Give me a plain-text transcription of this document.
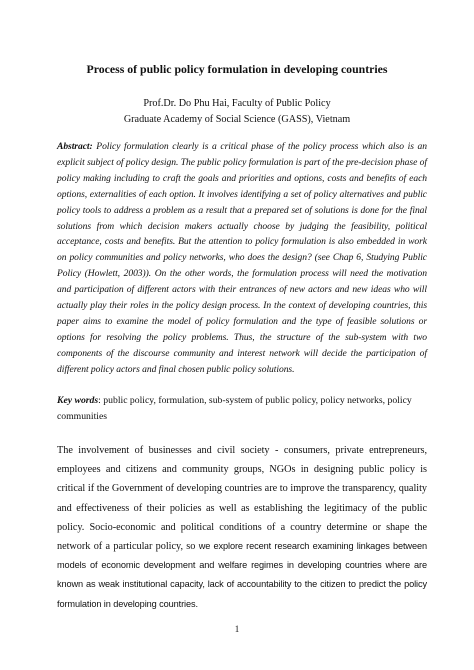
Process of public policy formulation in developing countries
Prof.Dr. Do Phu Hai, Faculty of Public Policy
Graduate Academy of Social Science (GASS), Vietnam

Abstract: Policy formulation clearly is a critical phase of the policy process which also is an explicit subject of policy design. The public policy formulation is part of the pre-decision phase of policy making including to craft the goals and priorities and options, costs and benefits of each options, externalities of each option. It involves identifying a set of policy alternatives and public policy tools to address a problem as a result that a prepared set of solutions is done for the final solutions from which decision makers actually choose by judging the feasibility, political acceptance, costs and benefits. But the attention to policy formulation is also embedded in work on policy communities and policy networks, who does the design? (see Chap 6, Studying Public Policy (Howlett, 2003)). On the other words, the formulation process will need the motivation and participation of different actors with their entrances of new actors and new ideas who will actually play their roles in the policy design process. In the context of developing countries, this paper aims to examine the model of policy formulation and the type of feasible solutions or options for resolving the policy problems. Thus, the structure of the sub-system with two components of the discourse community and interest network will decide the participation of different policy actors and final chosen public policy solutions.

Key words: public policy, formulation, sub-system of public policy, policy networks, policy communities

The involvement of businesses and civil society - consumers, private entrepreneurs, employees and citizens and community groups, NGOs in designing public policy is critical if the Government of developing countries are to improve the transparency, quality and effectiveness of their policies as well as establishing the legitimacy of the public policy. Socio-economic and political conditions of a country determine or shape the network of a particular policy, so we explore recent research examining linkages between models of economic development and welfare regimes in developing countries where are known as weak institutional capacity, lack of accountability to the citizen to predict the policy formulation in developing countries.

1
